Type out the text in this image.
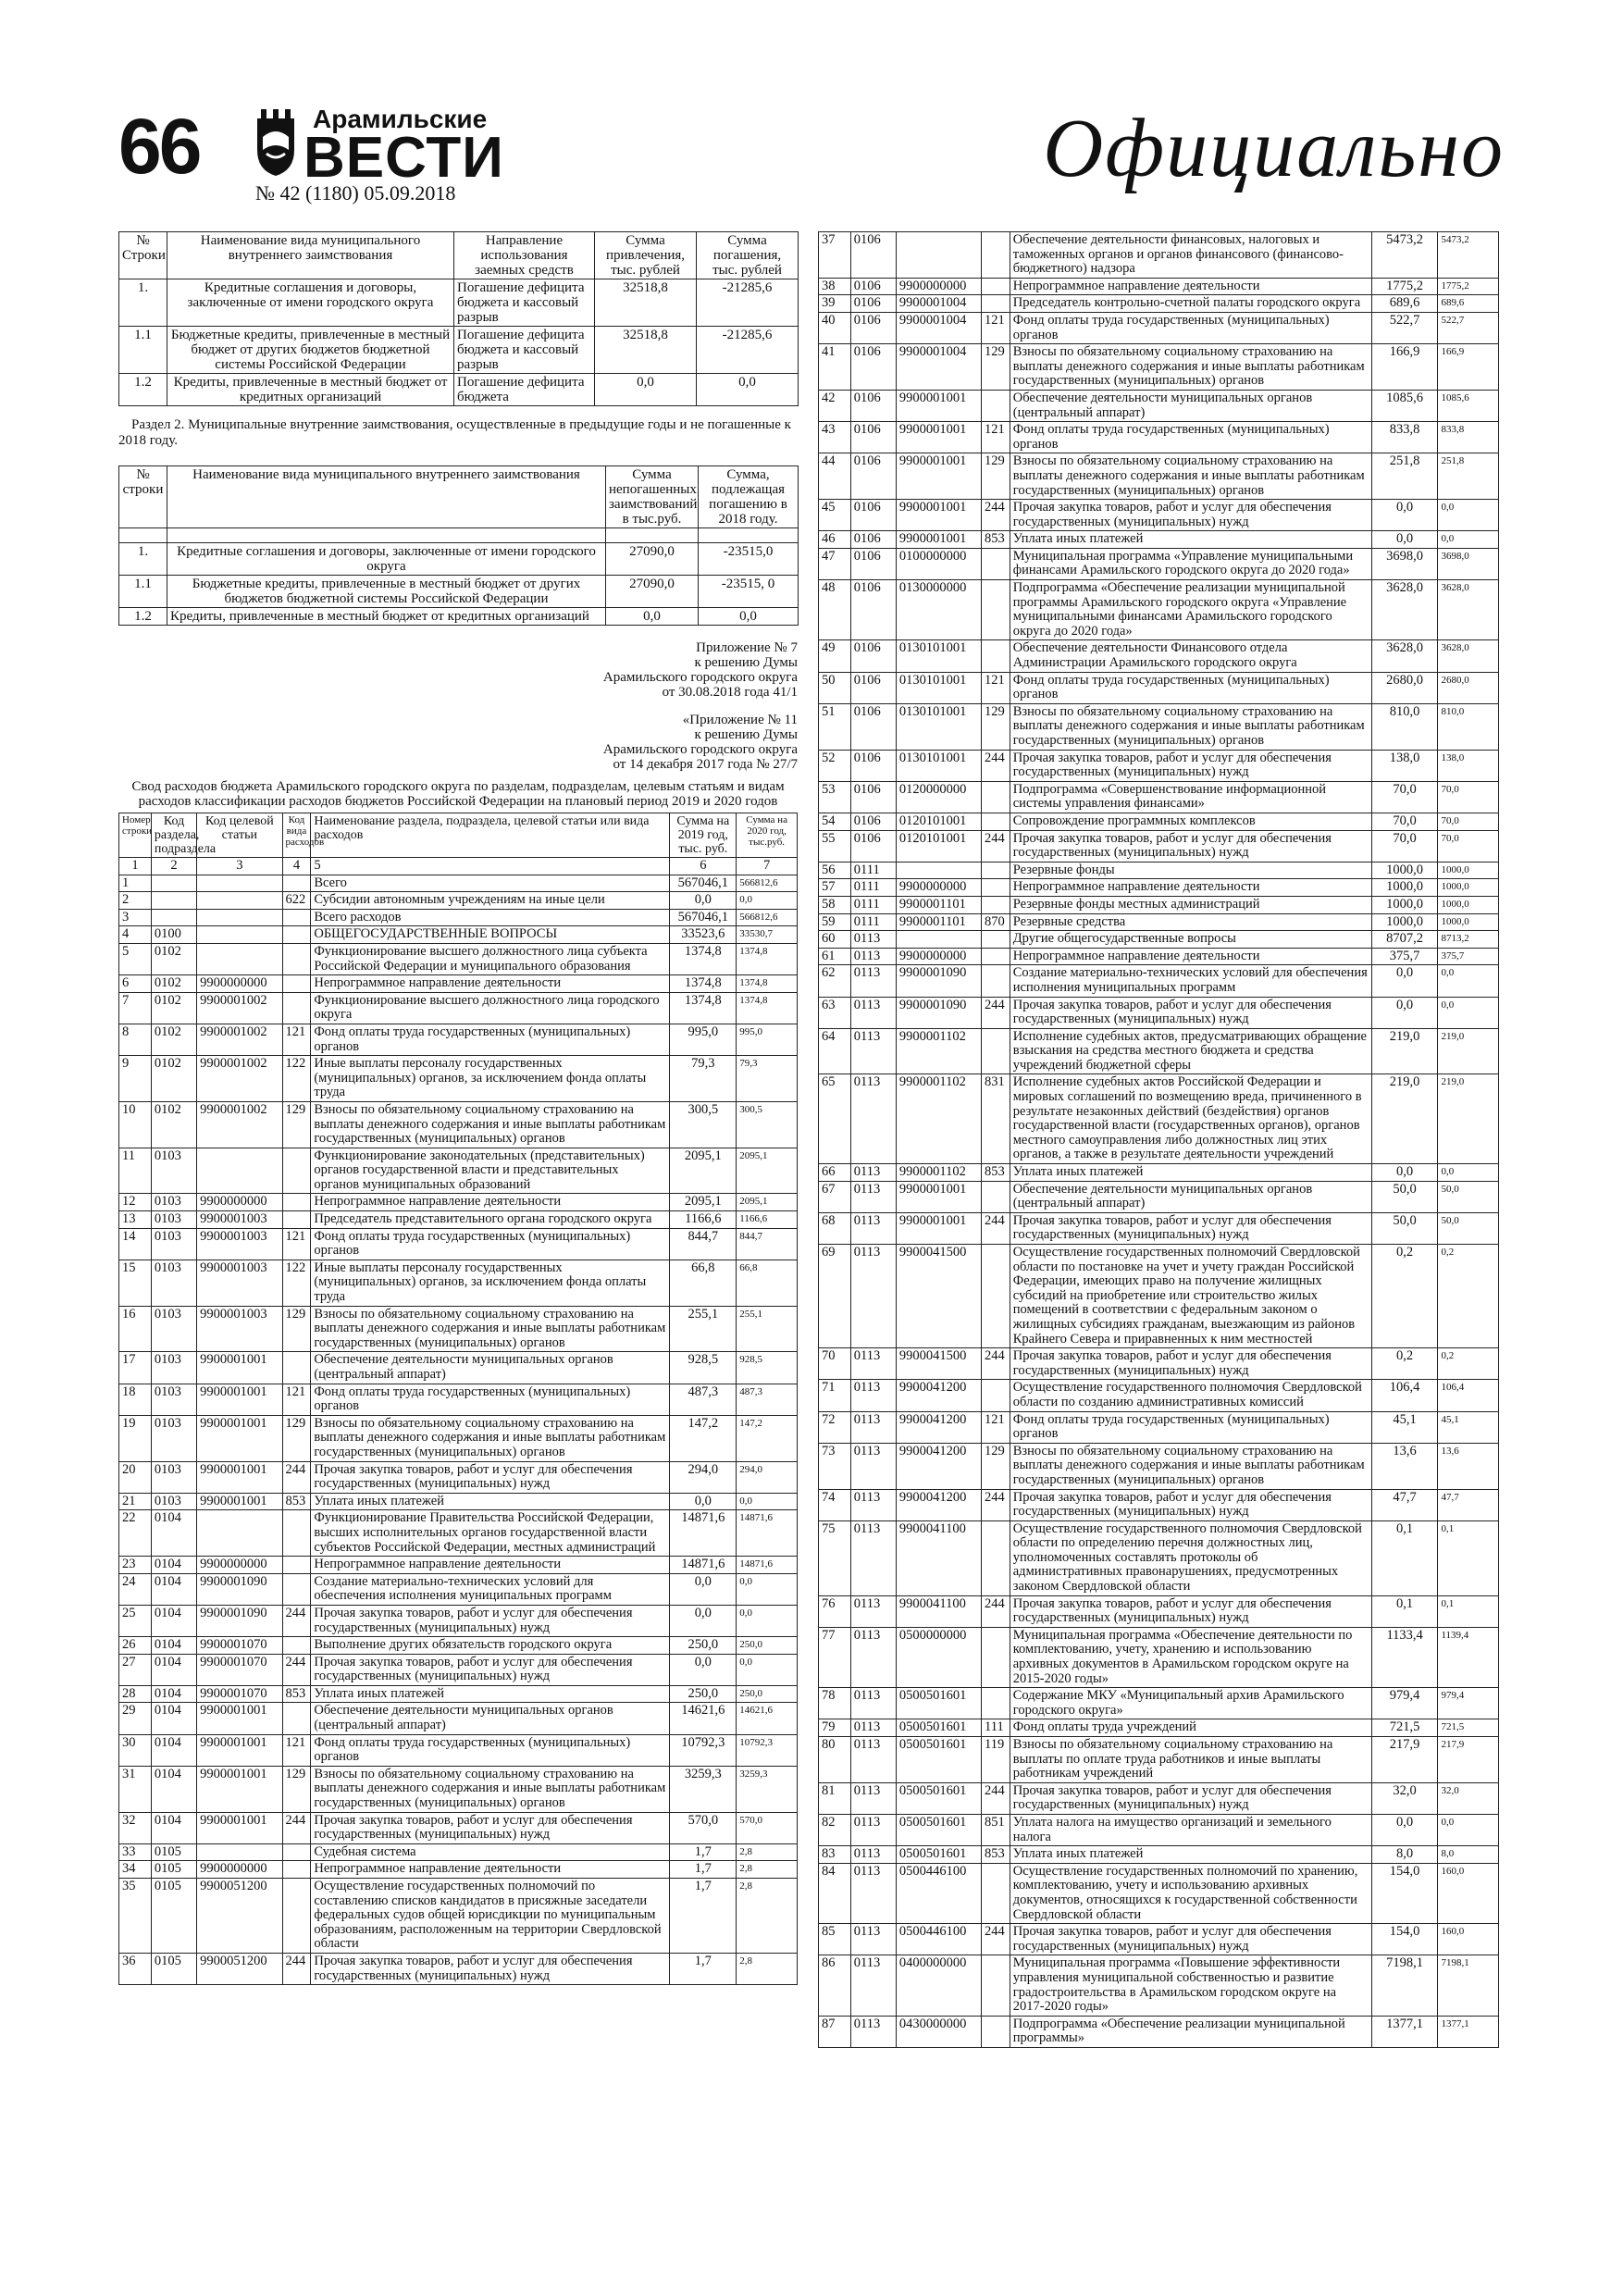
66	Арамильские
ВЕСТИ
№ 42 (1180) 05.09.2018	Официально
№ Строки	Наименование вида муниципального внутреннего заимствования	Направление использования заемных средств	Сумма привлечения, тыс. рублей	Сумма погашения, тыс. рублей
1.	Кредитные соглашения и договоры, заключенные от имени городского округа	Погашение дефицита бюджета и кассовый разрыв	32518,8	-21285,6
1.1	Бюджетные кредиты, привлеченные в местный бюджет от других бюджетов бюджетной системы Российской Федерации	Погашение дефицита бюджета и кассовый разрыв	32518,8	-21285,6
1.2	Кредиты, привлеченные в местный бюджет от кредитных организаций	Погашение дефицита бюджета	0,0	0,0

Раздел 2. Муниципальные внутренние заимствования, осуществленные в предыдущие годы и не погашенные к 2018 году.

№ строки	Наименование вида муниципального внутреннего заимствования	Сумма непогашенных заимствований в тыс.руб.	Сумма, подлежащая погашению в 2018 году.

1.	Кредитные соглашения и договоры, заключенные от имени городского округа	27090,0	-23515,0
1.1	Бюджетные кредиты, привлеченные в местный бюджет от других бюджетов бюджетной системы Российской Федерации	27090,0	-23515, 0
1.2	Кредиты, привлеченные в местный бюджет от кредитных организаций	0,0	0,0
Приложение № 7
к решению Думы
Арамильского городского округа
от 30.08.2018 года 41/1
«Приложение № 11
к решению Думы
Арамильского городского округа
от 14 декабря 2017 года № 27/7
Свод расходов бюджета Арамильского городского округа по разделам, подразделам, целевым статьям и видам расходов классификации расходов бюджетов Российской Федерации на плановый период 2019 и 2020 годов
Номер строки	Код раздела, подраздела	Код целевой статьи	Код вида расходов	Наименование раздела, подраздела, целевой статьи или вида расходов	Сумма на 2019 год, тыс. руб.	Сумма на 2020 год, тыс.руб.
1	2	3	4	5	6	7
1				Всего	567046,1	566812,6
2			622	Субсидии автономным учреждениям на иные цели	0,0	0,0
3				Всего расходов	567046,1	566812,6
4	0100			ОБЩЕГОСУДАРСТВЕННЫЕ ВОПРОСЫ	33523,6	33530,7
5	0102			Функционирование высшего должностного лица субъекта Российской Федерации и муниципального образования	1374,8	1374,8
6	0102	9900000000		Непрограммное направление деятельности	1374,8	1374,8
7	0102	9900001002		Функционирование высшего должностного лица городского округа	1374,8	1374,8
8	0102	9900001002	121	Фонд оплаты труда государственных (муниципальных) органов	995,0	995,0
9	0102	9900001002	122	Иные выплаты персоналу государственных (муниципальных) органов, за исключением фонда оплаты труда	79,3	79,3
10	0102	9900001002	129	Взносы по обязательному социальному страхованию на выплаты денежного содержания и иные выплаты работникам государственных (муниципальных) органов	300,5	300,5
11	0103			Функционирование законодательных (представительных) органов государственной власти и представительных органов муниципальных образований	2095,1	2095,1
12	0103	9900000000		Непрограммное направление деятельности	2095,1	2095,1
13	0103	9900001003		Председатель представительного органа городского округа	1166,6	1166,6
14	0103	9900001003	121	Фонд оплаты труда государственных (муниципальных) органов	844,7	844,7
15	0103	9900001003	122	Иные выплаты персоналу государственных (муниципальных) органов, за исключением фонда оплаты труда	66,8	66,8
16	0103	9900001003	129	Взносы по обязательному социальному страхованию на выплаты денежного содержания и иные выплаты работникам государственных (муниципальных) органов	255,1	255,1
17	0103	9900001001		Обеспечение деятельности муниципальных органов (центральный аппарат)	928,5	928,5
18	0103	9900001001	121	Фонд оплаты труда государственных (муниципальных) органов	487,3	487,3
19	0103	9900001001	129	Взносы по обязательному социальному страхованию на выплаты денежного содержания и иные выплаты работникам государственных (муниципальных) органов	147,2	147,2
20	0103	9900001001	244	Прочая закупка товаров, работ и услуг для обеспечения государственных (муниципальных) нужд	294,0	294,0
21	0103	9900001001	853	Уплата иных платежей	0,0	0,0
22	0104			Функционирование Правительства Российской Федерации, высших исполнительных органов государственной власти субъектов Российской Федерации, местных администраций	14871,6	14871,6
23	0104	9900000000		Непрограммное направление деятельности	14871,6	14871,6
24	0104	9900001090		Создание материально-технических условий для обеспечения исполнения муниципальных программ	0,0	0,0
25	0104	9900001090	244	Прочая закупка товаров, работ и услуг для обеспечения государственных (муниципальных) нужд	0,0	0,0
26	0104	9900001070		Выполнение других обязательств городского округа	250,0	250,0
27	0104	9900001070	244	Прочая закупка товаров, работ и услуг для обеспечения государственных (муниципальных) нужд	0,0	0,0
28	0104	9900001070	853	Уплата иных платежей	250,0	250,0
29	0104	9900001001		Обеспечение деятельности муниципальных органов (центральный аппарат)	14621,6	14621,6
30	0104	9900001001	121	Фонд оплаты труда государственных (муниципальных) органов	10792,3	10792,3
31	0104	9900001001	129	Взносы по обязательному социальному страхованию на выплаты денежного содержания и иные выплаты работникам государственных (муниципальных) органов	3259,3	3259,3
32	0104	9900001001	244	Прочая закупка товаров, работ и услуг для обеспечения государственных (муниципальных) нужд	570,0	570,0
33	0105			Судебная система	1,7	2,8
34	0105	9900000000		Непрограммное направление деятельности	1,7	2,8
35	0105	9900051200		Осуществление государственных полномочий по составлению списков кандидатов в присяжные заседатели федеральных судов общей юрисдикции по муниципальным образованиям, расположенным на территории Свердловской области	1,7	2,8
36	0105	9900051200	244	Прочая закупка товаров, работ и услуг для обеспечения государственных (муниципальных) нужд	1,7	2,8
37	0106			Обеспечение деятельности финансовых, налоговых и таможенных органов и органов финансового (финансово-бюджетного) надзора	5473,2	5473,2
38	0106	9900000000		Непрограммное направление деятельности	1775,2	1775,2
39	0106	9900001004		Председатель контрольно-счетной палаты городского округа	689,6	689,6
40	0106	9900001004	121	Фонд оплаты труда государственных (муниципальных) органов	522,7	522,7
41	0106	9900001004	129	Взносы по обязательному социальному страхованию на выплаты денежного содержания и иные выплаты работникам государственных (муниципальных) органов	166,9	166,9
42	0106	9900001001		Обеспечение деятельности муниципальных органов (центральный аппарат)	1085,6	1085,6
43	0106	9900001001	121	Фонд оплаты труда государственных (муниципальных) органов	833,8	833,8
44	0106	9900001001	129	Взносы по обязательному социальному страхованию на выплаты денежного содержания и иные выплаты работникам государственных (муниципальных) органов	251,8	251,8
45	0106	9900001001	244	Прочая закупка товаров, работ и услуг для обеспечения государственных (муниципальных) нужд	0,0	0,0
46	0106	9900001001	853	Уплата иных платежей	0,0	0,0
47	0106	0100000000		Муниципальная программа «Управление муниципальными финансами Арамильского городского округа до 2020 года»	3698,0	3698,0
48	0106	0130000000		Подпрограмма «Обеспечение реализации муниципальной программы Арамильского городского округа «Управление муниципальными финансами Арамильского городского округа до 2020 года»	3628,0	3628,0
49	0106	0130101001		Обеспечение деятельности Финансового отдела Администрации Арамильского городского округа	3628,0	3628,0
50	0106	0130101001	121	Фонд оплаты труда государственных (муниципальных) органов	2680,0	2680,0
51	0106	0130101001	129	Взносы по обязательному социальному страхованию на выплаты денежного содержания и иные выплаты работникам государственных (муниципальных) органов	810,0	810,0
52	0106	0130101001	244	Прочая закупка товаров, работ и услуг для обеспечения государственных (муниципальных) нужд	138,0	138,0
53	0106	0120000000		Подпрограмма «Совершенствование информационной системы управления финансами»	70,0	70,0
54	0106	0120101001		Сопровождение программных комплексов	70,0	70,0
55	0106	0120101001	244	Прочая закупка товаров, работ и услуг для обеспечения государственных (муниципальных) нужд	70,0	70,0
56	0111			Резервные фонды	1000,0	1000,0
57	0111	9900000000		Непрограммное направление деятельности	1000,0	1000,0
58	0111	9900001101		Резервные фонды местных администраций	1000,0	1000,0
59	0111	9900001101	870	Резервные средства	1000,0	1000,0
60	0113			Другие общегосударственные вопросы	8707,2	8713,2
61	0113	9900000000		Непрограммное направление деятельности	375,7	375,7
62	0113	9900001090		Создание материально-технических условий для обеспечения исполнения муниципальных программ	0,0	0,0
63	0113	9900001090	244	Прочая закупка товаров, работ и услуг для обеспечения государственных (муниципальных) нужд	0,0	0,0
64	0113	9900001102		Исполнение судебных актов, предусматривающих обращение взыскания на средства местного бюджета и средства учреждений бюджетной сферы	219,0	219,0
65	0113	9900001102	831	Исполнение судебных актов Российской Федерации и мировых соглашений по возмещению вреда, причиненного в результате незаконных действий (бездействия) органов государственной власти (государственных органов), органов местного самоуправления либо должностных лиц этих органов, а также в результате деятельности учреждений	219,0	219,0
66	0113	9900001102	853	Уплата иных платежей	0,0	0,0
67	0113	9900001001		Обеспечение деятельности муниципальных органов (центральный аппарат)	50,0	50,0
68	0113	9900001001	244	Прочая закупка товаров, работ и услуг для обеспечения государственных (муниципальных) нужд	50,0	50,0
69	0113	9900041500		Осуществление государственных полномочий Свердловской области по постановке на учет и учету граждан Российской Федерации, имеющих право на получение жилищных субсидий на приобретение или строительство жилых помещений в соответствии с федеральным законом о жилищных субсидиях гражданам, выезжающим из районов Крайнего Севера и приравненных к ним местностей	0,2	0,2
70	0113	9900041500	244	Прочая закупка товаров, работ и услуг для обеспечения государственных (муниципальных) нужд	0,2	0,2
71	0113	9900041200		Осуществление государственного полномочия Свердловской области по созданию административных комиссий	106,4	106,4
72	0113	9900041200	121	Фонд оплаты труда государственных (муниципальных) органов	45,1	45,1
73	0113	9900041200	129	Взносы по обязательному социальному страхованию на выплаты денежного содержания и иные выплаты работникам государственных (муниципальных) органов	13,6	13,6
74	0113	9900041200	244	Прочая закупка товаров, работ и услуг для обеспечения государственных (муниципальных) нужд	47,7	47,7
75	0113	9900041100		Осуществление государственного полномочия Свердловской области по определению перечня должностных лиц, уполномоченных составлять протоколы об административных правонарушениях, предусмотренных законом Свердловской области	0,1	0,1
76	0113	9900041100	244	Прочая закупка товаров, работ и услуг для обеспечения государственных (муниципальных) нужд	0,1	0,1
77	0113	0500000000		Муниципальная программа «Обеспечение деятельности по комплектованию, учету, хранению и использованию архивных документов в Арамильском городском округе на 2015-2020 годы»	1133,4	1139,4
78	0113	0500501601		Содержание МКУ «Муниципальный архив Арамильского городского округа»	979,4	979,4
79	0113	0500501601	111	Фонд оплаты труда учреждений	721,5	721,5
80	0113	0500501601	119	Взносы по обязательному социальному страхованию на выплаты по оплате труда работников и иные выплаты работникам учреждений	217,9	217,9
81	0113	0500501601	244	Прочая закупка товаров, работ и услуг для обеспечения государственных (муниципальных) нужд	32,0	32,0
82	0113	0500501601	851	Уплата налога на имущество организаций и земельного налога	0,0	0,0
83	0113	0500501601	853	Уплата иных платежей	8,0	8,0
84	0113	0500446100		Осуществление государственных полномочий по хранению, комплектованию, учету и использованию архивных документов, относящихся к государственной собственности Свердловской области	154,0	160,0
85	0113	0500446100	244	Прочая закупка товаров, работ и услуг для обеспечения государственных (муниципальных) нужд	154,0	160,0
86	0113	0400000000		Муниципальная программа «Повышение эффективности управления муниципальной собственностью и развитие градостроительства в Арамильском городском округе на 2017-2020 годы»	7198,1	7198,1
87	0113	0430000000		Подпрограмма «Обеспечение реализации муниципальной программы»	1377,1	1377,1
